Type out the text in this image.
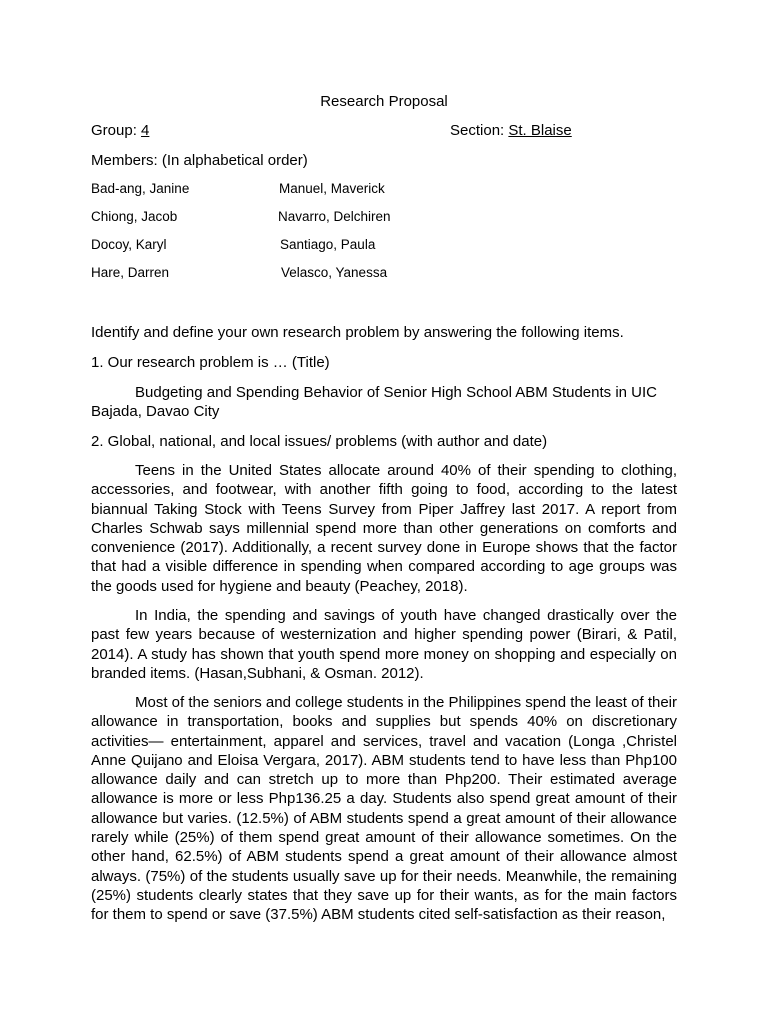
Research Proposal
Group: 4	Section: St. Blaise
Members: (In alphabetical order)
Bad-ang, Janine
Chiong, Jacob
Docoy, Karyl
Hare, Darren
Manuel, Maverick
Navarro, Delchiren
Santiago, Paula
Velasco, Yanessa
Identify and define your own research problem by answering the following items.
1. Our research problem is … (Title)
Budgeting and Spending Behavior of Senior High School ABM Students in UIC Bajada, Davao City
2. Global, national, and local issues/ problems (with author and date)
Teens in the United States allocate around 40% of their spending to clothing, accessories, and footwear, with another fifth going to food, according to the latest biannual Taking Stock with Teens Survey from Piper Jaffrey last 2017. A report from Charles Schwab says millennial spend more than other generations on comforts and convenience (2017). Additionally, a recent survey done in Europe shows that the factor that had a visible difference in spending when compared according to age groups was the goods used for hygiene and beauty (Peachey, 2018).
In India, the spending and savings of youth have changed drastically over the past few years because of westernization and higher spending power (Birari, & Patil, 2014). A study has shown that youth spend more money on shopping and especially on branded items. (Hasan,Subhani, & Osman. 2012).
Most of the seniors and college students in the Philippines spend the least of their allowance in transportation, books and supplies but spends 40% on discretionary activities— entertainment, apparel and services, travel and vacation (Longa ,Christel Anne Quijano and Eloisa Vergara, 2017). ABM students tend to have less than Php100 allowance daily and can stretch up to more than Php200. Their estimated average allowance is more or less Php136.25 a day. Students also spend great amount of their allowance but varies. (12.5%) of ABM students spend a great amount of their allowance rarely while (25%) of them spend great amount of their allowance sometimes. On the other hand, 62.5%) of ABM students spend a great amount of their allowance almost always. (75%) of the students usually save up for their needs. Meanwhile, the remaining (25%) students clearly states that they save up for their wants, as for the main factors for them to spend or save (37.5%) ABM students cited self-satisfaction as their reason,
